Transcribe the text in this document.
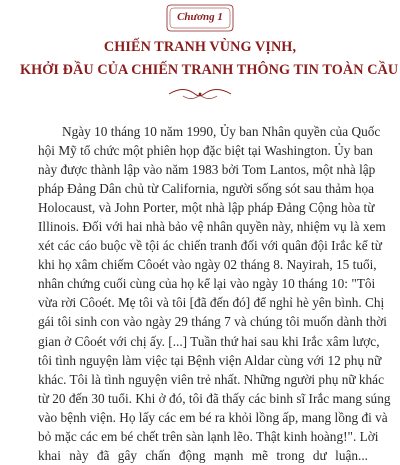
Chương 1
CHIẾN TRANH VÙNG VỊNH,
KHỞI ĐẦU CỦA CHIẾN TRANH THÔNG TIN TOÀN CẦU
Ngày 10 tháng 10 năm 1990, Ủy ban Nhân quyền của Quốc
hội Mỹ tổ chức một phiên họp đặc biệt tại Washington. Ủy ban
này được thành lập vào năm 1983 bởi Tom Lantos, một nhà lập
pháp Đảng Dân chủ từ California, người sống sót sau thảm họa
Holocaust, và John Porter, một nhà lập pháp Đảng Cộng hòa từ
Illinois. Đối với hai nhà bảo vệ nhân quyền này, nhiệm vụ là xem
xét các cáo buộc về tội ác chiến tranh đối với quân đội Irắc kể từ
khi họ xâm chiếm Côoét vào ngày 02 tháng 8. Nayirah, 15 tuổi,
nhân chứng cuối cùng của họ kể lại vào ngày 10 tháng 10: "Tôi
vừa rời Côoét. Mẹ tôi và tôi [đã đến đó] để nghỉ hè yên bình. Chị
gái tôi sinh con vào ngày 29 tháng 7 và chúng tôi muốn dành thời
gian ở Côoét với chị ấy. [...] Tuần thứ hai sau khi Irắc xâm lược,
tôi tình nguyện làm việc tại Bệnh viện Aldar cùng với 12 phụ nữ
khác. Tôi là tình nguyện viên trẻ nhất. Những người phụ nữ khác
từ 20 đến 30 tuổi. Khi ở đó, tôi đã thấy các binh sĩ Irắc mang súng
vào bệnh viện. Họ lấy các em bé ra khỏi lồng ấp, mang lồng đi và
bỏ mặc các em bé chết trên sàn lạnh lẽo. Thật kinh hoàng!". Lời
khai này đã gây chấn động mạnh mẽ trong dư luận...
